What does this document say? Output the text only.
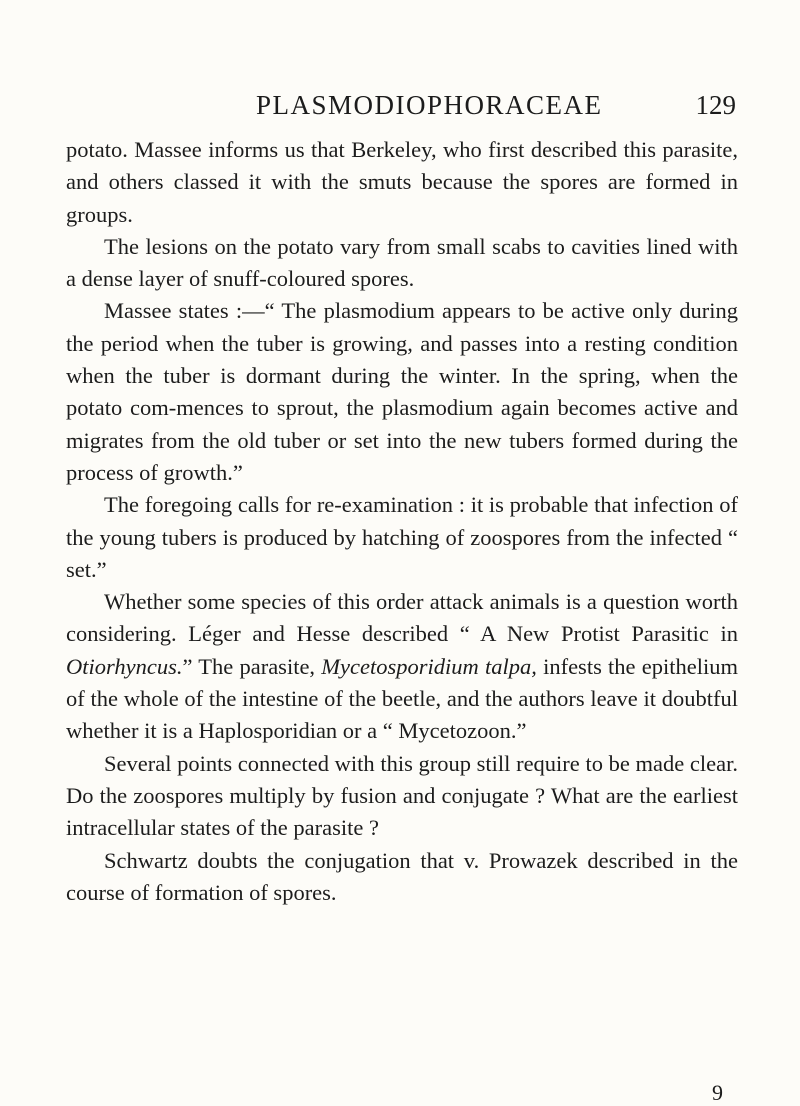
PLASMODIOPHORACEAE	129

potato. Massee informs us that Berkeley, who first described this parasite, and others classed it with the smuts because the spores are formed in groups.

The lesions on the potato vary from small scabs to cavities lined with a dense layer of snuff-coloured spores.

Massee states :—“ The plasmodium appears to be active only during the period when the tuber is growing, and passes into a resting condition when the tuber is dormant during the winter. In the spring, when the potato com-mences to sprout, the plasmodium again becomes active and migrates from the old tuber or set into the new tubers formed during the process of growth.”

The foregoing calls for re-examination : it is probable that infection of the young tubers is produced by hatching of zoospores from the infected “ set.”

Whether some species of this order attack animals is a question worth considering. Léger and Hesse described “ A New Protist Parasitic in Otiorhyncus.” The parasite, Mycetosporidium talpa, infests the epithelium of the whole of the intestine of the beetle, and the authors leave it doubtful whether it is a Haplosporidian or a “ Mycetozoon.”

Several points connected with this group still require to be made clear. Do the zoospores multiply by fusion and conjugate ? What are the earliest intracellular states of the parasite ?

Schwartz doubts the conjugation that v. Prowazek described in the course of formation of spores.

9
